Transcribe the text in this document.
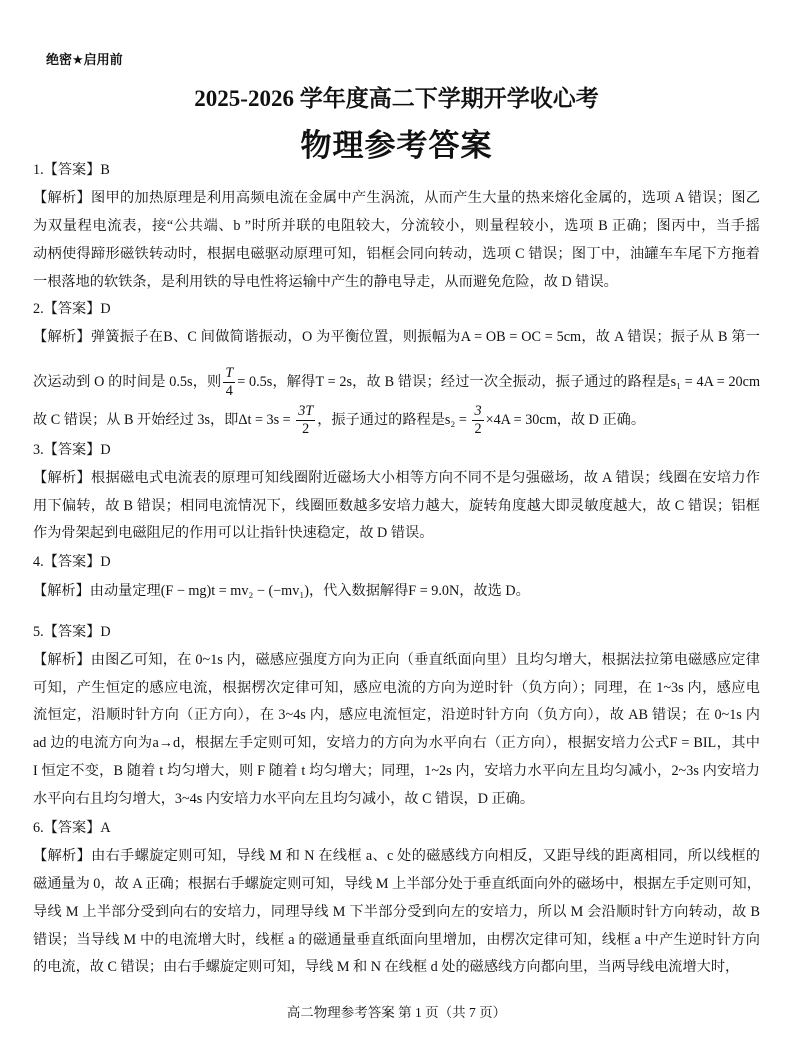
绝密★启用前
2025-2026 学年度高二下学期开学收心考
物理参考答案
1.【答案】B
【解析】图甲的加热原理是利用高频电流在金属中产生涡流，从而产生大量的热来熔化金属的，选项 A 错误；图乙
为双量程电流表，接“公共端、b ”时所并联的电阻较大，分流较小，则量程较小，选项 B 正确；图丙中，当手摇
动柄使得蹄形磁铁转动时，根据电磁驱动原理可知，铝框会同向转动，选项 C 错误；图丁中，油罐车车尾下方拖着
一根落地的软铁条，是利用铁的导电性将运输中产生的静电导走，从而避免危险，故 D 错误。
2.【答案】D
【解析】弹簧振子在B、C 间做简谐振动，O 为平衡位置，则振幅为A = OB = OC = 5cm，故 A 错误；振子从 B 第一
次运动到 O 的时间是 0.5s，则 $\frac{T}{4} = 0.5s$，解得T = 2s，故 B 错误；经过一次全振动，振子通过的路程是s₁ = 4A = 20cm
故 C 错误；从 B 开始经过 3s，即$\Delta t = 3s = \frac{3T}{2}$ ，振子通过的路程是$s_2 = \frac{3}{2} \times 4A = 30cm$，故 D 正确。
3.【答案】D
【解析】根据磁电式电流表的原理可知线圈附近磁场大小相等方向不同不是匀强磁场，故 A 错误；线圈在安培力作
用下偏转，故 B 错误；相同电流情况下，线圈匝数越多安培力越大，旋转角度越大即灵敏度越大，故 C 错误；铝框
作为骨架起到电磁阻尼的作用可以让指针快速稳定，故 D 错误。
4.【答案】D
【解析】由动量定理(F − mg)t = mv₂ − (−mv₁)，代入数据解得F = 9.0N，故选 D。
5.【答案】D
【解析】由图乙可知，在 0~1s 内，磁感应强度方向为正向（垂直纸面向里）且均匀增大，根据法拉第电磁感应定律
可知，产生恒定的感应电流，根据楞次定律可知，感应电流的方向为逆时针（负方向）；同理，在 1~3s 内，感应电
流恒定，沿顺时针方向（正方向），在 3~4s 内，感应电流恒定，沿逆时针方向（负方向），故 AB 错误；在 0~1s 内
ad 边的电流方向为a→d，根据左手定则可知，安培力的方向为水平向右（正方向），根据安培力公式F = BIL，其中
I 恒定不变，B 随着 t 均匀增大，则 F 随着 t 均匀增大；同理，1~2s 内，安培力水平向左且均匀减小，2~3s 内安培力
水平向右且均匀增大，3~4s 内安培力水平向左且均匀减小，故 C 错误，D 正确。
6.【答案】A
【解析】由右手螺旋定则可知，导线 M 和 N 在线框 a、c 处的磁感线方向相反，又距导线的距离相同，所以线框的
磁通量为 0，故 A 正确；根据右手螺旋定则可知，导线 M 上半部分处于垂直纸面向外的磁场中，根据左手定则可知，
导线 M 上半部分受到向右的安培力，同理导线 M 下半部分受到向左的安培力，所以 M 会沿顺时针方向转动，故 B
错误；当导线 M 中的电流增大时，线框 a 的磁通量垂直纸面向里增加，由楞次定律可知，线框 a 中产生逆时针方向
的电流，故 C 错误；由右手螺旋定则可知，导线 M 和 N 在线框 d 处的磁感线方向都向里，当两导线电流增大时，
高二物理参考答案 第 1 页（共 7 页）
